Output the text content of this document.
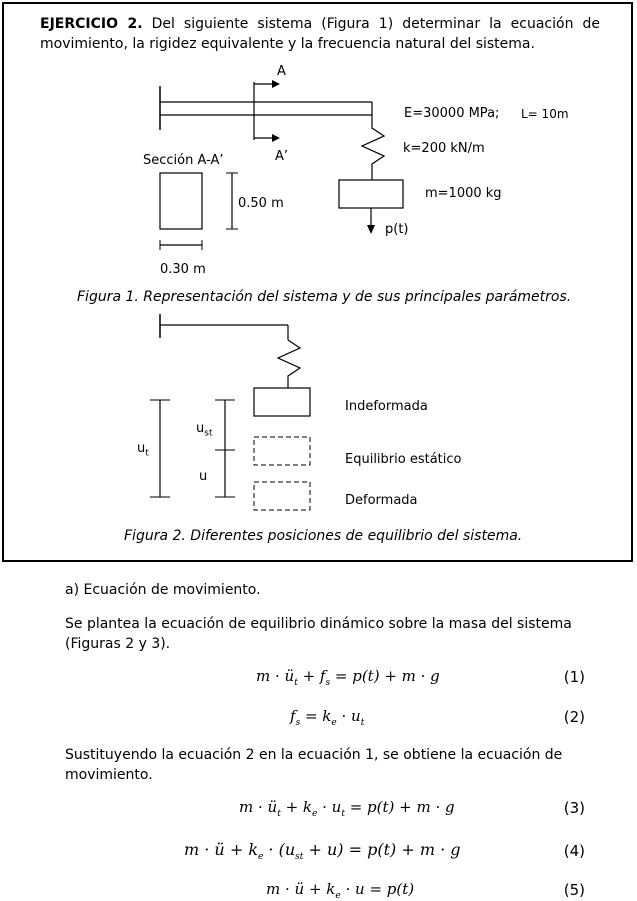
EJERCICIO 2. Del siguiente sistema (Figura 1) determinar la ecuación de movimiento, la rigidez equivalente y la frecuencia natural del sistema.
A
A’
Sección A-A’
0.50 m
0.30 m
E=30000 MPa; L= 10m
k=200 kN/m
m=1000 kg
p(t)
Figura 1. Representación del sistema y de sus principales parámetros.
$u_t$
$u_{st}$
u
Indeformada
Equilibrio estático
Deformada
Figura 2. Diferentes posiciones de equilibrio del sistema.
a) Ecuación de movimiento.
Se plantea la ecuación de equilibrio dinámico sobre la masa del sistema (Figuras 2 y 3).
$m \cdot ü_t + f_s = p(t) + m \cdot g$	(1)
$f_s = k_e \cdot u_t$	(2)
Sustituyendo la ecuación 2 en la ecuación 1, se obtiene la ecuación de movimiento.
$m \cdot ü_t + k_e \cdot u_t = p(t) + m \cdot g$	(3)
m · ü + $k_e \cdot (u_{st} + u) = p(t) + m \cdot g$	(4)
m · ü + $k_e \cdot u = p(t)$	(5)
